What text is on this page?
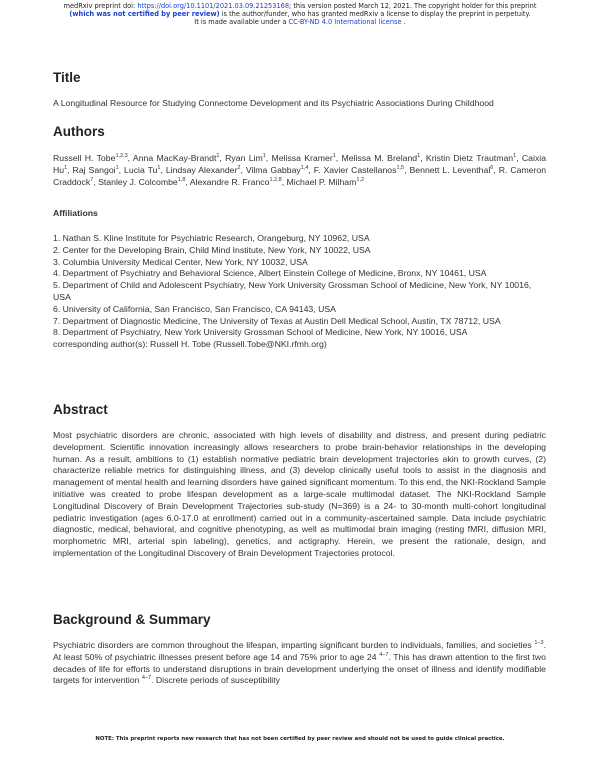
medRxiv preprint doi: https://doi.org/10.1101/2021.03.09.21253168; this version posted March 12, 2021. The copyright holder for this preprint
(which was not certified by peer review) is the author/funder, who has granted medRxiv a license to display the preprint in perpetuity.
It is made available under a CC-BY-ND 4.0 International license .
Title

A Longitudinal Resource for Studying Connectome Development and its Psychiatric Associations During Childhood

Authors

Russell H. Tobe$^{1,2,3}$, Anna MacKay-Brandt$^1$, Ryan Lim$^1$, Melissa Kramer$^1$, Melissa M. Breland$^1$, Kristin Dietz Trautman$^1$, Caixia Hu$^1$, Raj Sangoi$^1$, Lucia Tu$^1$, Lindsay Alexander$^2$, Vilma Gabbay$^{1,4}$, F. Xavier Castellanos$^{1,5}$, Bennett L. Leventhal$^6$, R. Cameron Craddock$^7$, Stanley J. Colcombe$^{1,8}$, Alexandre R. Franco$^{1,2,8}$, Michael P. Milham$^{1,2}$

Affiliations

1. Nathan S. Kline Institute for Psychiatric Research, Orangeburg, NY 10962, USA
2. Center for the Developing Brain, Child Mind Institute, New York, NY 10022, USA
3. Columbia University Medical Center, New York, NY 10032, USA
4. Department of Psychiatry and Behavioral Science, Albert Einstein College of Medicine, Bronx, NY 10461, USA
5. Department of Child and Adolescent Psychiatry, New York University Grossman School of Medicine, New York, NY 10016, USA
6. University of California, San Francisco, San Francisco, CA 94143, USA
7. Department of Diagnostic Medicine, The University of Texas at Austin Dell Medical School, Austin, TX 78712, USA
8. Department of Psychiatry, New York University Grossman School of Medicine, New York, NY 10016, USA
corresponding author(s): Russell H. Tobe (Russell.Tobe@NKI.rfmh.org)
Abstract

Most psychiatric disorders are chronic, associated with high levels of disability and distress, and present during pediatric development. Scientific innovation increasingly allows researchers to probe brain-behavior relationships in the developing human. As a result, ambitions to (1) establish normative pediatric brain development trajectories akin to growth curves, (2) characterize reliable metrics for distinguishing illness, and (3) develop clinically useful tools to assist in the diagnosis and management of mental health and learning disorders have gained significant momentum. To this end, the NKI-Rockland Sample initiative was created to probe lifespan development as a large-scale multimodal dataset. The NKI-Rockland Sample Longitudinal Discovery of Brain Development Trajectories sub-study (N=369) is a 24- to 30-month multi-cohort longitudinal pediatric investigation (ages 6.0-17.0 at enrollment) carried out in a community-ascertained sample. Data include psychiatric diagnostic, medical, behavioral, and cognitive phenotyping, as well as multimodal brain imaging (resting fMRI, diffusion MRI, morphometric MRI, arterial spin labeling), genetics, and actigraphy. Herein, we present the rationale, design, and implementation of the Longitudinal Discovery of Brain Development Trajectories protocol.

Background & Summary

Psychiatric disorders are common throughout the lifespan, imparting significant burden to individuals, families, and societies $^{1-3}$. At least 50% of psychiatric illnesses present before age 14 and 75% prior to age 24 $^{4-7}$. This has drawn attention to the first two decades of life for efforts to understand disruptions in brain development underlying the onset of illness and identify modifiable targets for intervention $^{4-7}$. Discrete periods of susceptibility

NOTE: This preprint reports new research that has not been certified by peer review and should not be used to guide clinical practice.
